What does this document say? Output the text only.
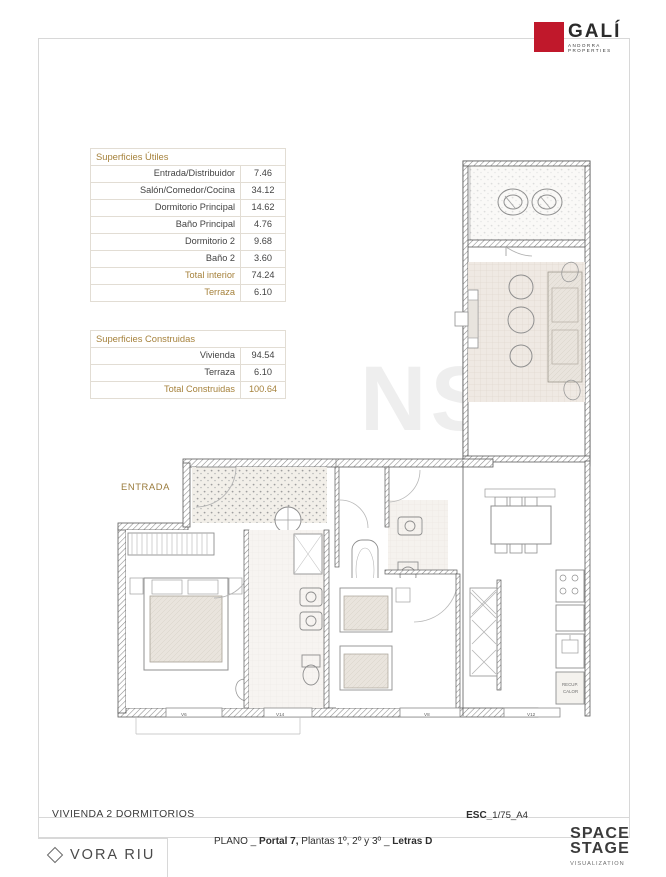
GALÍ
ANDORRA PROPERTIES
NS
RECUP.
CALOR
V6	V14	V8	V12
ENTRADA
Superficies Útiles	
Entrada/Distribuidor	7.46
Salón/Comedor/Cocina	34.12
Dormitorio Principal	14.62
Baño Principal	4.76
Dormitorio 2	9.68
Baño 2	3.60
Total interior	74.24
Terraza	6.10
Superficies Construidas	
Vivienda	94.54
Terraza	6.10
Total Construidas	100.64
VIVIENDA 2 DORMITORIOS	ESC_1/75_A4
PLANO _ Portal 7, Plantas 1º, 2º y 3º _ Letras D	SPACE
STAGE
VISUALIZATION
VORA RIU
